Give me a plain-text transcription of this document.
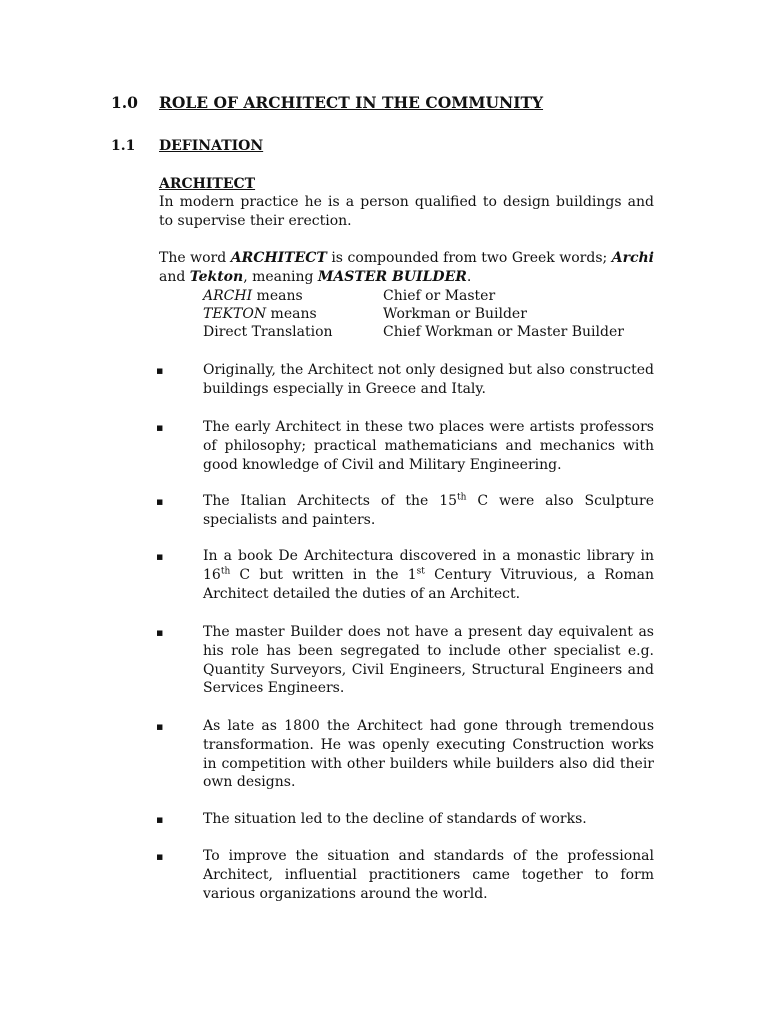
1.0 ROLE OF ARCHITECT IN THE COMMUNITY
1.1 DEFINATION
ARCHITECT
In modern practice he is a person qualified to design buildings and to supervise their erection.
The word ARCHITECT is compounded from two Greek words; Archi and Tekton, meaning MASTER BUILDER.
ARCHI means	Chief or Master
TEKTON means	Workman or Builder
Direct Translation	Chief Workman or Master Builder
▪	Originally, the Architect not only designed but also constructed buildings especially in Greece and Italy.
▪	The early Architect in these two places were artists professors of philosophy; practical mathematicians and mechanics with good knowledge of Civil and Military Engineering.
▪	The Italian Architects of the 15th C were also Sculpture specialists and painters.
▪	In a book De Architectura discovered in a monastic library in 16th C but written in the 1st Century Vitruvious, a Roman Architect detailed the duties of an Architect.
▪	The master Builder does not have a present day equivalent as his role has been segregated to include other specialist e.g. Quantity Surveyors, Civil Engineers, Structural Engineers and Services Engineers.
▪	As late as 1800 the Architect had gone through tremendous transformation. He was openly executing Construction works in competition with other builders while builders also did their own designs.
▪	The situation led to the decline of standards of works.
▪	To improve the situation and standards of the professional Architect, influential practitioners came together to form various organizations around the world.
